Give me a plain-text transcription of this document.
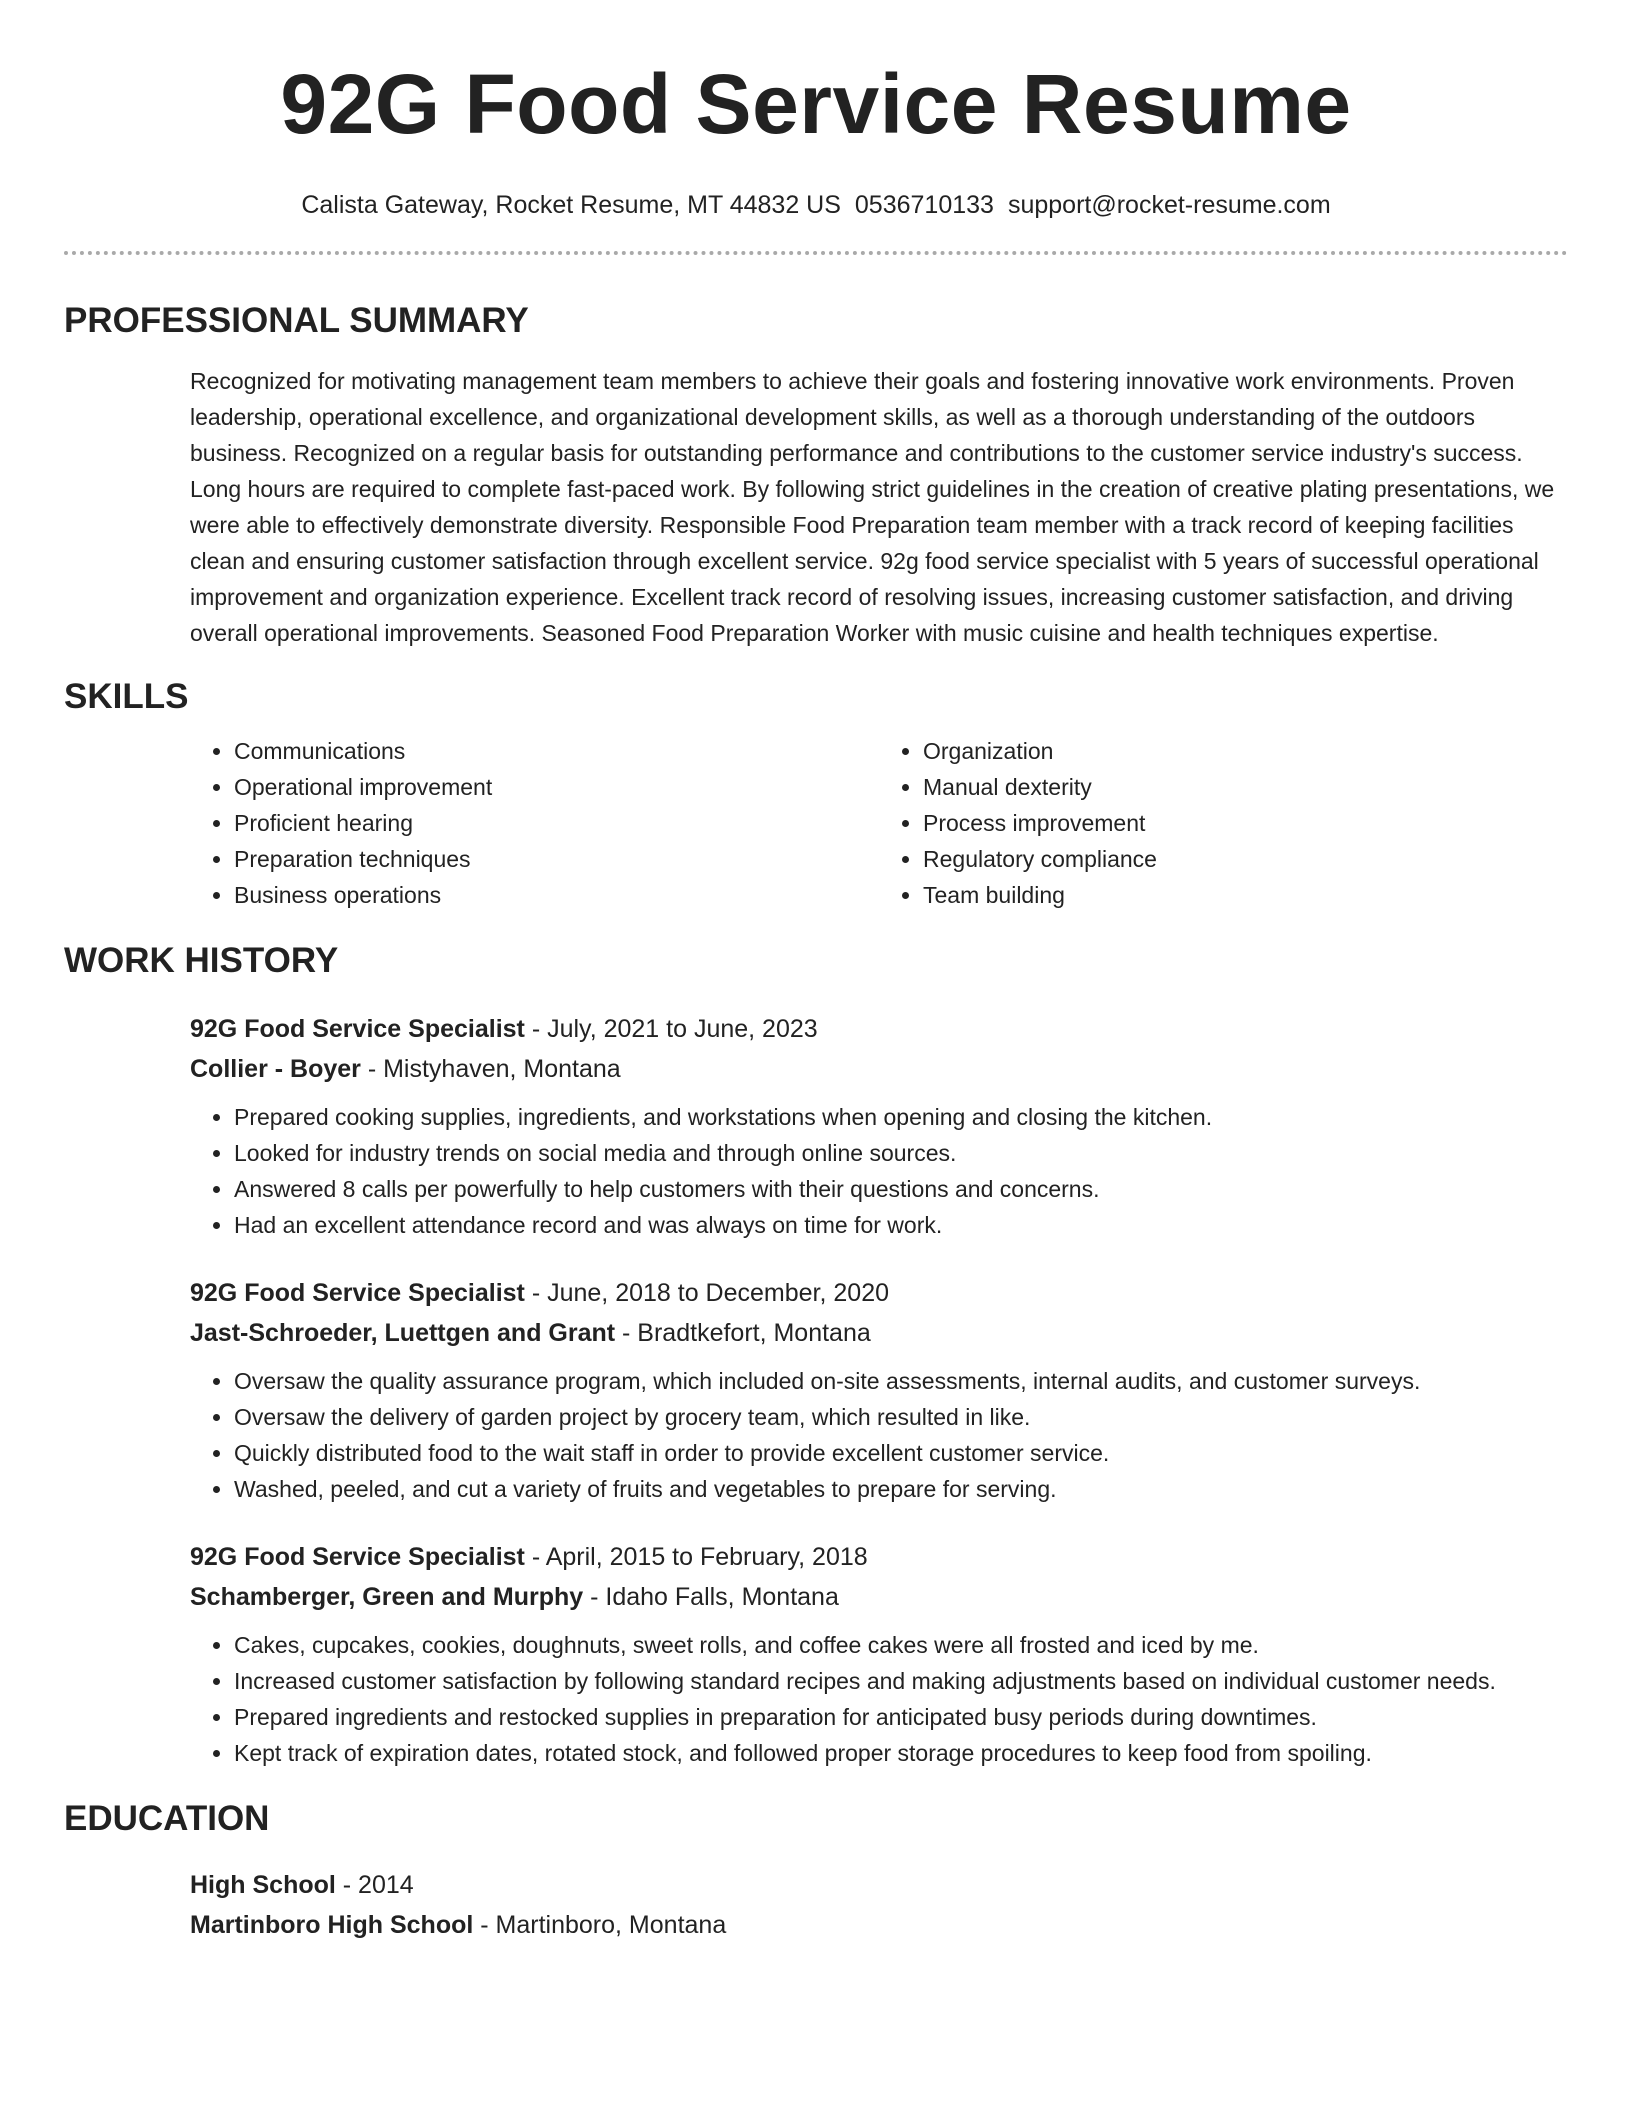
92G Food Service Resume
Calista Gateway, Rocket Resume, MT 44832 US 0536710133 support@rocket-resume.com
PROFESSIONAL SUMMARY

Recognized for motivating management team members to achieve their goals and fostering innovative work environments. Proven leadership, operational excellence, and organizational development skills, as well as a thorough understanding of the outdoors business. Recognized on a regular basis for outstanding performance and contributions to the customer service industry's success. Long hours are required to complete fast-paced work. By following strict guidelines in the creation of creative plating presentations, we were able to effectively demonstrate diversity. Responsible Food Preparation team member with a track record of keeping facilities clean and ensuring customer satisfaction through excellent service. 92g food service specialist with 5 years of successful operational improvement and organization experience. Excellent track record of resolving issues, increasing customer satisfaction, and driving overall operational improvements. Seasoned Food Preparation Worker with music cuisine and health techniques expertise.

SKILLS
• Communications
• Operational improvement
• Proficient hearing
• Preparation techniques
• Business operations
• Organization
• Manual dexterity
• Process improvement
• Regulatory compliance
• Team building
WORK HISTORY
92G Food Service Specialist - July, 2021 to June, 2023
Collier - Boyer - Mistyhaven, Montana
• Prepared cooking supplies, ingredients, and workstations when opening and closing the kitchen.
• Looked for industry trends on social media and through online sources.
• Answered 8 calls per powerfully to help customers with their questions and concerns.
• Had an excellent attendance record and was always on time for work.
92G Food Service Specialist - June, 2018 to December, 2020
Jast-Schroeder, Luettgen and Grant - Bradtkefort, Montana
• Oversaw the quality assurance program, which included on-site assessments, internal audits, and customer surveys.
• Oversaw the delivery of garden project by grocery team, which resulted in like.
• Quickly distributed food to the wait staff in order to provide excellent customer service.
• Washed, peeled, and cut a variety of fruits and vegetables to prepare for serving.
92G Food Service Specialist - April, 2015 to February, 2018
Schamberger, Green and Murphy - Idaho Falls, Montana
• Cakes, cupcakes, cookies, doughnuts, sweet rolls, and coffee cakes were all frosted and iced by me.
• Increased customer satisfaction by following standard recipes and making adjustments based on individual customer needs.
• Prepared ingredients and restocked supplies in preparation for anticipated busy periods during downtimes.
• Kept track of expiration dates, rotated stock, and followed proper storage procedures to keep food from spoiling.
EDUCATION
High School - 2014
Martinboro High School - Martinboro, Montana
